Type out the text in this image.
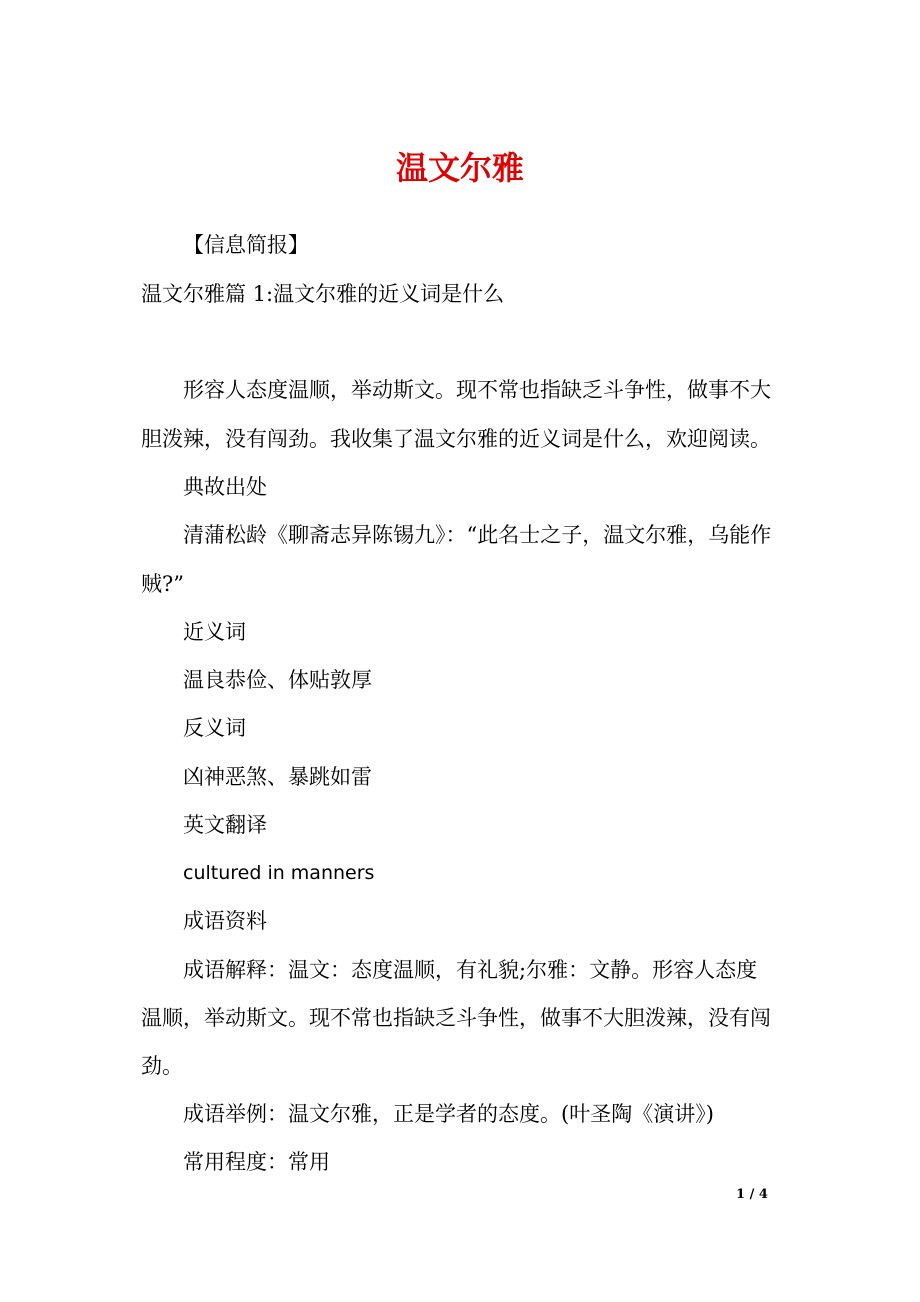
温文尔雅

【信息简报】

温文尔雅篇 1:温文尔雅的近义词是什么

形容人态度温顺，举动斯文。现不常也指缺乏斗争性，做事不大

胆泼辣，没有闯劲。我收集了温文尔雅的近义词是什么，欢迎阅读。

典故出处

清蒲松龄《聊斋志异陈锡九》：“此名士之子，温文尔雅，乌能作

贼?”

近义词

温良恭俭、体贴敦厚

反义词

凶神恶煞、暴跳如雷

英文翻译

cultured in manners

成语资料

成语解释：温文：态度温顺，有礼貌;尔雅：文静。形容人态度

温顺，举动斯文。现不常也指缺乏斗争性，做事不大胆泼辣，没有闯

劲。

成语举例：温文尔雅，正是学者的态度。(叶圣陶《演讲》)

常用程度：常用

1 / 4
